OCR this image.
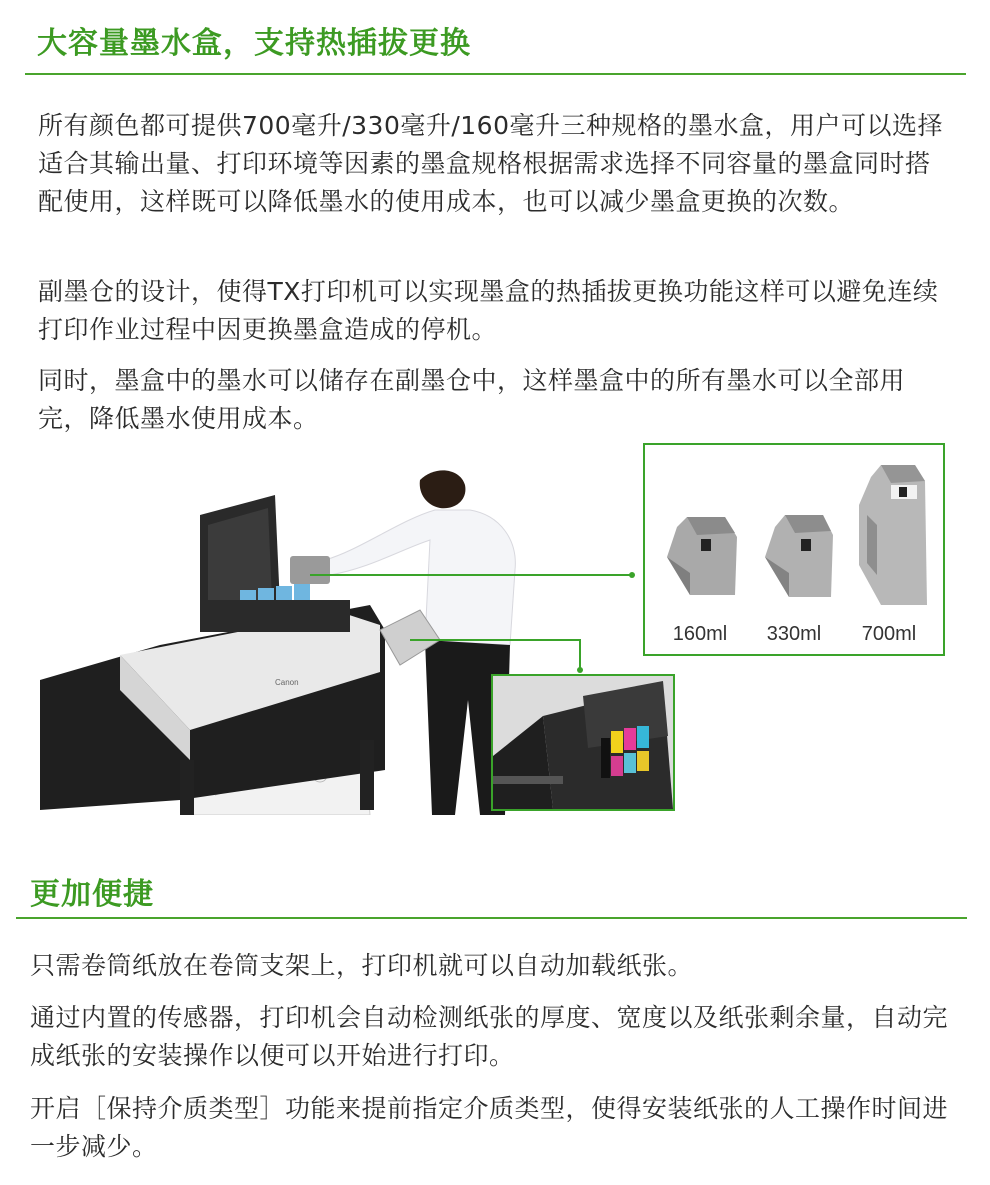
大容量墨水盒，支持热插拔更换

所有颜色都可提供700毫升/330毫升/160毫升三种规格的墨水盒，用户可以选择适合其输出量、打印环境等因素的墨盒规格根据需求选择不同容量的墨盒同时搭配使用，这样既可以降低墨水的使用成本，也可以减少墨盒更换的次数。

副墨仓的设计，使得TX打印机可以实现墨盒的热插拔更换功能这样可以避免连续打印作业过程中因更换墨盒造成的停机。

同时，墨盒中的墨水可以储存在副墨仓中，这样墨盒中的所有墨水可以全部用完，降低墨水使用成本。

Canon
160ml	330ml	700ml
更加便捷

只需卷筒纸放在卷筒支架上，打印机就可以自动加载纸张。

通过内置的传感器，打印机会自动检测纸张的厚度、宽度以及纸张剩余量，自动完成纸张的安装操作以便可以开始进行打印。

开启［保持介质类型］功能来提前指定介质类型，使得安装纸张的人工操作时间进一步减少。
